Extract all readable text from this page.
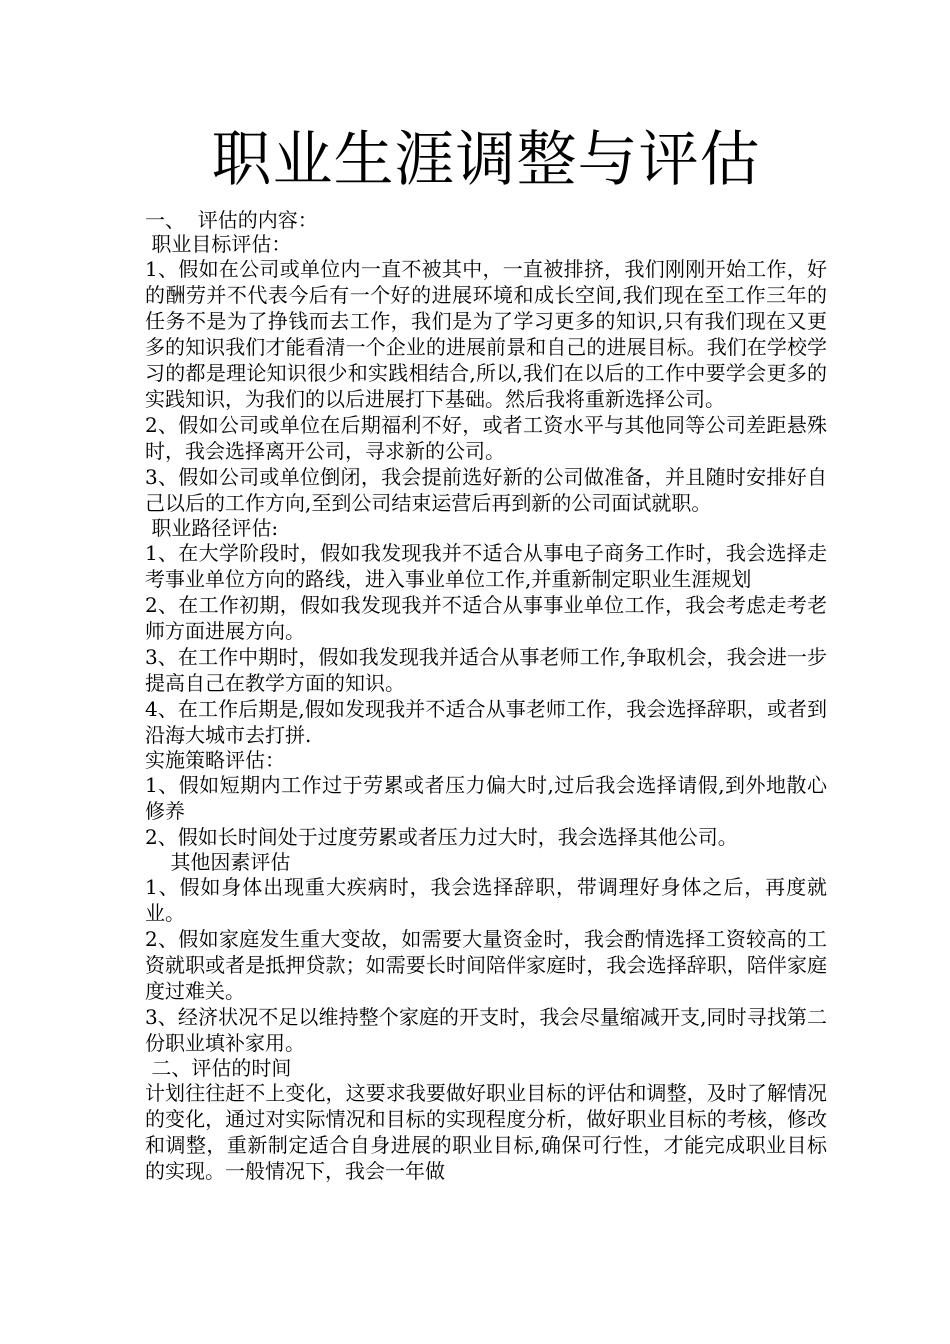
职业生涯调整与评估

一、  评估的内容：

职业目标评估：

1、假如在公司或单位内一直不被其中，一直被排挤，我们刚刚开始工作，好的酬劳并不代表今后有一个好的进展环境和成长空间,我们现在至工作三年的任务不是为了挣钱而去工作，我们是为了学习更多的知识,只有我们现在又更多的知识我们才能看清一个企业的进展前景和自己的进展目标。我们在学校学习的都是理论知识很少和实践相结合,所以,我们在以后的工作中要学会更多的实践知识，为我们的以后进展打下基础。然后我将重新选择公司。

2、假如公司或单位在后期福利不好，或者工资水平与其他同等公司差距悬殊时，我会选择离开公司，寻求新的公司。

3、假如公司或单位倒闭，我会提前选好新的公司做准备，并且随时安排好自己以后的工作方向,至到公司结束运营后再到新的公司面试就职。

职业路径评估:

1、在大学阶段时，假如我发现我并不适合从事电子商务工作时，我会选择走考事业单位方向的路线，进入事业单位工作,并重新制定职业生涯规划

2、在工作初期，假如我发现我并不适合从事事业单位工作，我会考虑走考老师方面进展方向。

3、在工作中期时，假如我发现我并适合从事老师工作,争取机会，我会进一步提高自己在教学方面的知识。

4、在工作后期是,假如发现我并不适合从事老师工作，我会选择辞职，或者到沿海大城市去打拼.

实施策略评估：

1、假如短期内工作过于劳累或者压力偏大时,过后我会选择请假,到外地散心修养

2、假如长时间处于过度劳累或者压力过大时，我会选择其他公司。

其他因素评估

1、假如身体出现重大疾病时，我会选择辞职，带调理好身体之后，再度就业。

2、假如家庭发生重大变故，如需要大量资金时，我会酌情选择工资较高的工资就职或者是抵押贷款；如需要长时间陪伴家庭时，我会选择辞职，陪伴家庭度过难关。

3、经济状况不足以维持整个家庭的开支时，我会尽量缩减开支,同时寻找第二份职业填补家用。

二、评估的时间

计划往往赶不上变化，这要求我要做好职业目标的评估和调整，及时了解情况的变化，通过对实际情况和目标的实现程度分析，做好职业目标的考核，修改和调整，重新制定适合自身进展的职业目标,确保可行性，才能完成职业目标的实现。一般情况下，我会一年做
